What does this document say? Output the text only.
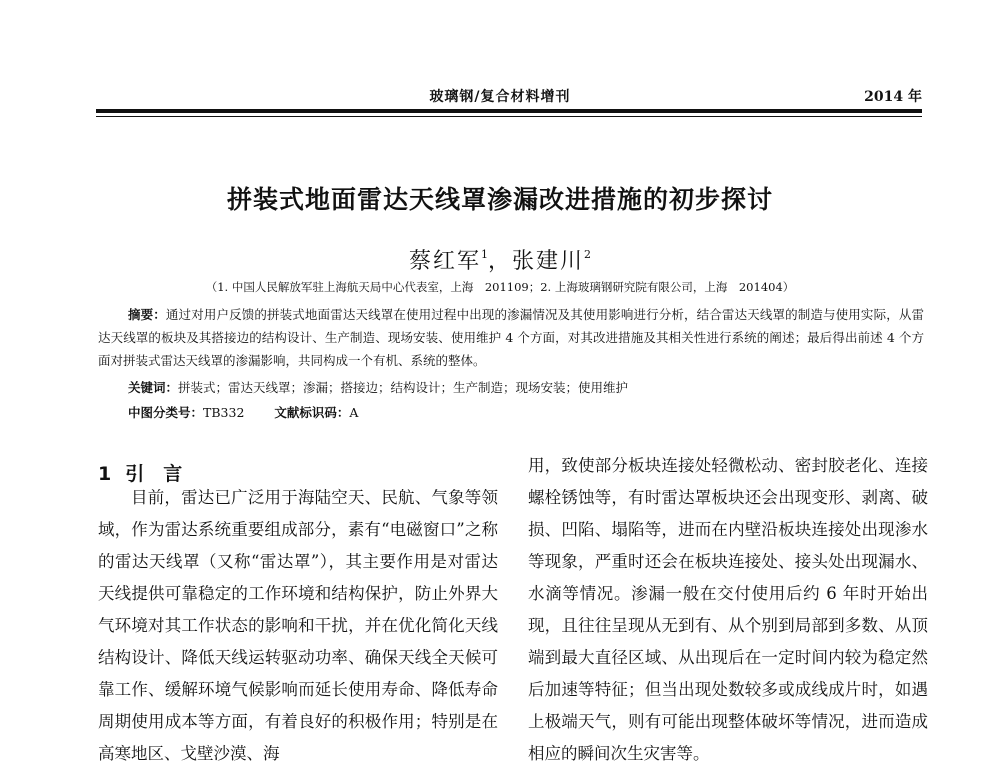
玻璃钢/复合材料增刊	2014 年
拼装式地面雷达天线罩渗漏改进措施的初步探讨
蔡红军$^1$，张建川$^2$
（1. 中国人民解放军驻上海航天局中心代表室，上海　201109；2. 上海玻璃钢研究院有限公司，上海　201404）
摘要：通过对用户反馈的拼装式地面雷达天线罩在使用过程中出现的渗漏情况及其使用影响进行分析，结合雷达天线罩的制造与使用实际，从雷达天线罩的板块及其搭接边的结构设计、生产制造、现场安装、使用维护 4 个方面，对其改进措施及其相关性进行系统的阐述；最后得出前述 4 个方面对拼装式雷达天线罩的渗漏影响，共同构成一个有机、系统的整体。
关键词：拼装式；雷达天线罩；渗漏；搭接边；结构设计；生产制造；现场安装；使用维护
中图分类号：TB332 文献标识码：A
1 引　言
目前，雷达已广泛用于海陆空天、民航、气象等领域，作为雷达系统重要组成部分，素有“电磁窗口”之称的雷达天线罩（又称“雷达罩”），其主要作用是对雷达天线提供可靠稳定的工作环境和结构保护，防止外界大气环境对其工作状态的影响和干扰，并在优化简化天线结构设计、降低天线运转驱动功率、确保天线全天候可靠工作、缓解环境气候影响而延长使用寿命、降低寿命周期使用成本等方面，有着良好的积极作用；特别是在高寒地区、戈壁沙漠、海
用，致使部分板块连接处轻微松动、密封胶老化、连接螺栓锈蚀等，有时雷达罩板块还会出现变形、剥离、破损、凹陷、塌陷等，进而在内壁沿板块连接处出现渗水等现象，严重时还会在板块连接处、接头处出现漏水、水滴等情况。渗漏一般在交付使用后约 6 年时开始出现，且往往呈现从无到有、从个别到局部到多数、从顶端到最大直径区域、从出现后在一定时间内较为稳定然后加速等特征；但当出现处数较多或成线成片时，如遇上极端天气，则有可能出现整体破坏等情况，进而造成相应的瞬间次生灾害等。
